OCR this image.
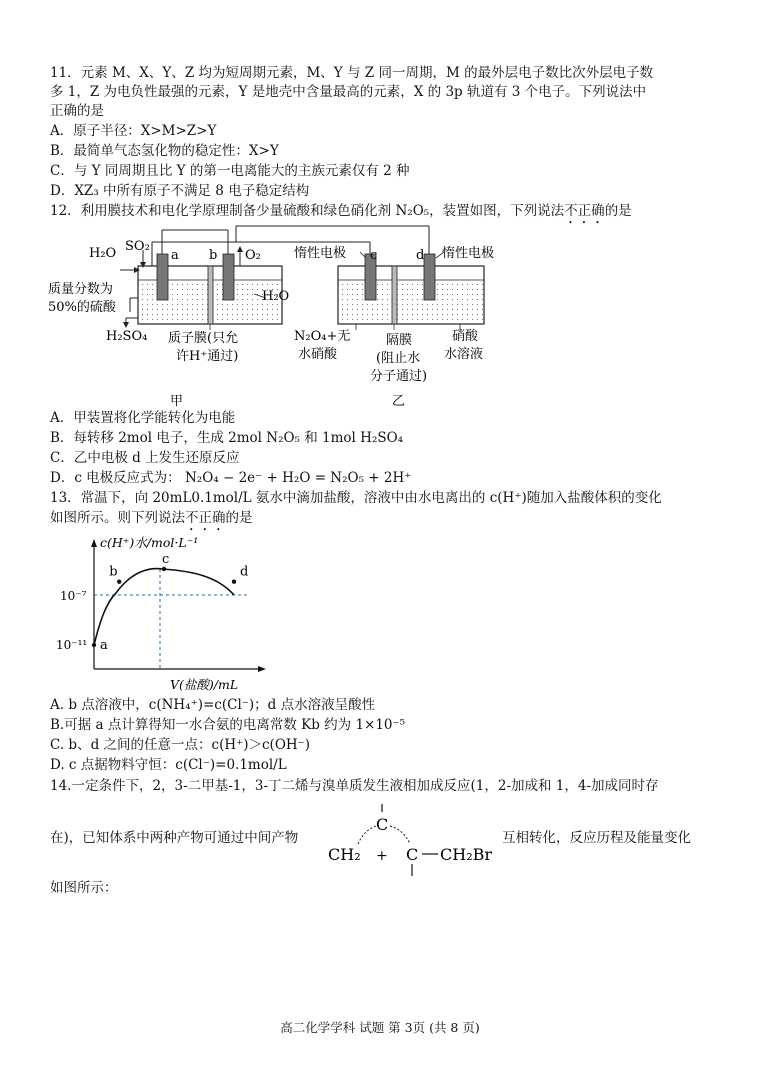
11．元素 M、X、Y、Z 均为短周期元素，M、Y 与 Z 同一周期，M 的最外层电子数比次外层电子数
多 1，Z 为电负性最强的元素，Y 是地壳中含量最高的元素，X 的 3p 轨道有 3 个电子。下列说法中
正确的是
A．原子半径：X>M>Z>Y
B．最简单气态氢化物的稳定性：X>Y
C．与 Y 同周期且比 Y 的第一电离能大的主族元素仅有 2 种
D．XZ₃ 中所有原子不满足 8 电子稳定结构
12．利用膜技术和电化学原理制备少量硫酸和绿色硝化剂 N₂O₅，装置如图，下列说法不正确的是
H₂O SO₂
a b O₂
质量分数为
50%的硫酸
H₂SO₄
H₂O
质子膜(只允
许H⁺通过)
惰性电极 c	d 惰性电极
N₂O₄+无
水硝酸
隔膜
(阻止水
分子通过)
硝酸
水溶液
甲	乙
A．甲装置将化学能转化为电能
B．每转移 2mol 电子，生成 2mol N₂O₅ 和 1mol H₂SO₄
C．乙中电极 d 上发生还原反应
D．c 电极反应式为： N₂O₄ − 2e⁻ + H₂O = N₂O₅ + 2H⁺
13．常温下，向 20mL0.1mol/L 氨水中滴加盐酸，溶液中由水电离出的 c(H⁺)随加入盐酸体积的变化
如图所示。则下列说法不正确的是
a
b
c
d
10⁻⁷
10⁻¹¹
c(H⁺)水/mol·L⁻¹
V(盐酸)/mL
A. b 点溶液中，c(NH₄⁺)=c(Cl⁻)；d 点水溶液呈酸性
B.可据 a 点计算得知一水合氨的电离常数 Kb 约为 1×10⁻⁵
C. b、d 之间的任意一点：c(H⁺)＞c(OH⁻)
D. c 点据物料守恒：c(Cl⁻)=0.1mol/L
14.一定条件下，2，3-二甲基-1，3-丁二烯与溴单质发生液相加成反应(1，2-加成和 1，4-加成同时存
在)，已知体系中两种产物可通过中间产物
C
CH₂ + C CH₂Br
互相转化，反应历程及能量变化
如图所示：
高二化学学科 试题 第 3页 (共 8 页)
